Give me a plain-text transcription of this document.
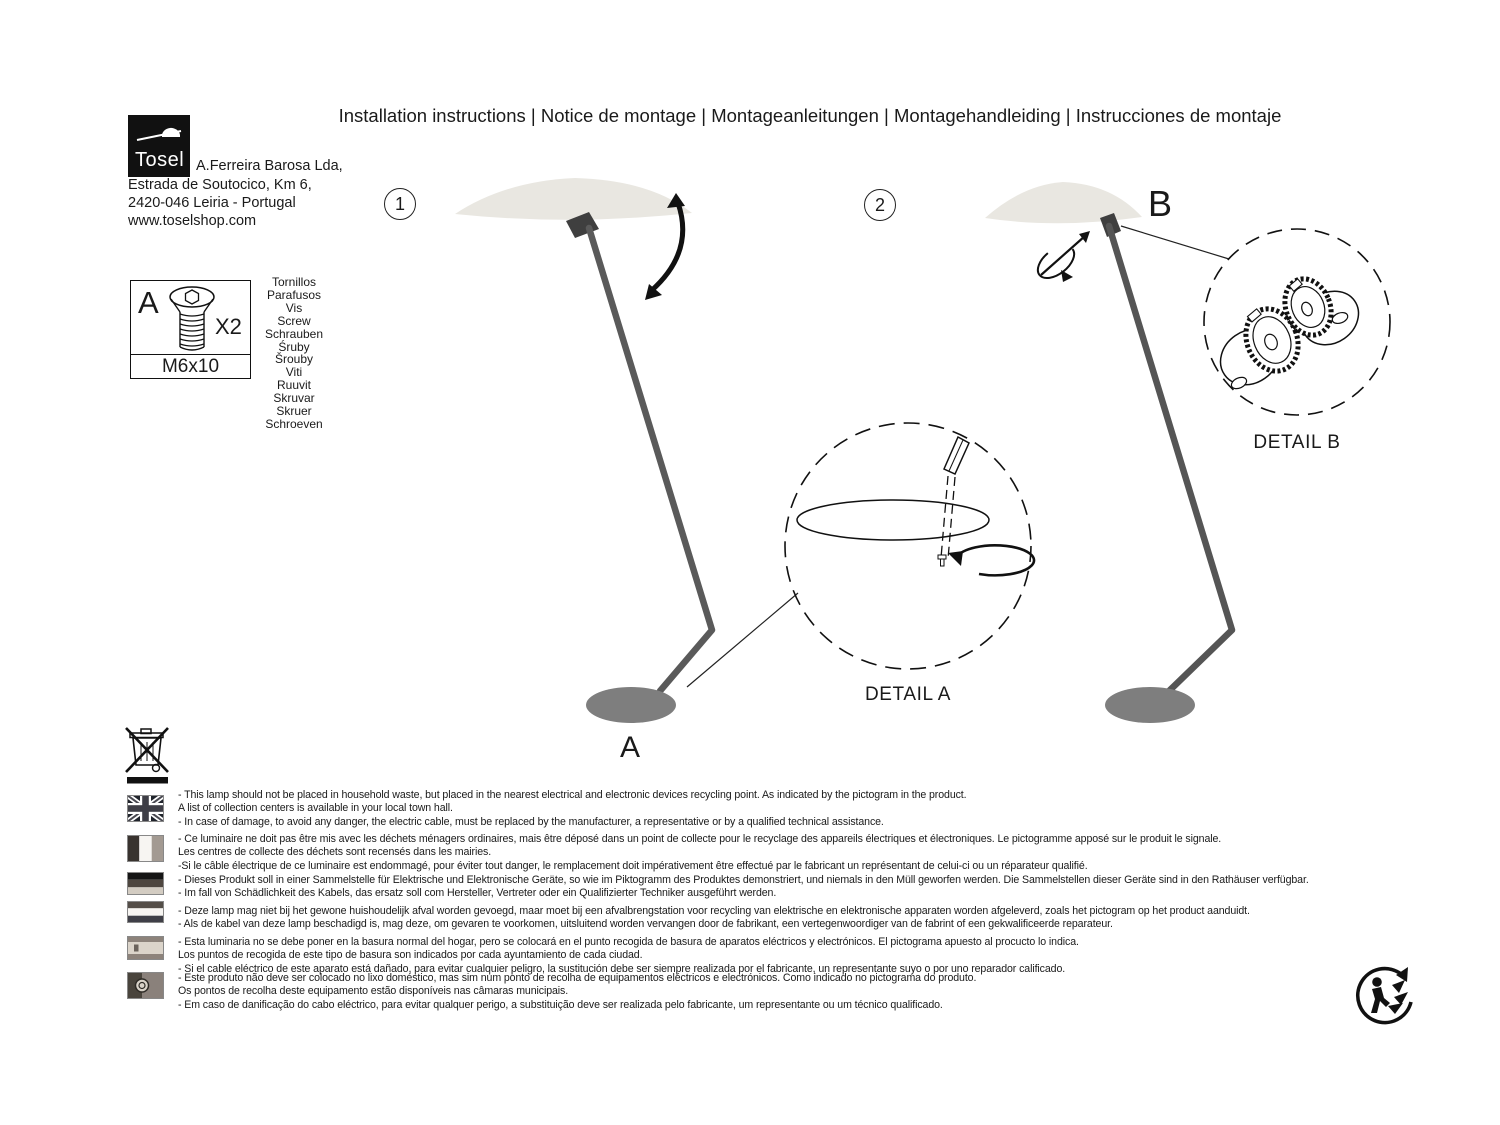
Installation instructions | Notice de montage | Montageanleitungen | Montagehandleiding | Instrucciones de montaje
Tosel A.Ferreira Barosa Lda,
Estrada de Soutocico, Km 6,
2420-046 Leiria - Portugal
www.toselshop.com
A
X2
M6x10
Tornillos
Parafusos
Vis
Screw
Schrauben
Śruby
Šrouby
Viti
Ruuvit
Skruvar
Skruer
Schroeven
1	2
A
B
DETAIL A
DETAIL B
- This lamp should not be placed in household waste, but placed in the nearest electrical and electronic devices recycling point. As indicated by the pictogram in the product.
A list of collection centers is available in your local town hall.
- In case of damage, to avoid any danger, the electric cable, must be replaced by the manufacturer, a representative or by a qualified technical assistance.
- Ce luminaire ne doit pas être mis avec les déchets ménagers ordinaires, mais être déposé dans un point de collecte pour le recyclage des appareils électriques et électroniques. Le pictogramme apposé sur le produit le signale.
Les centres de collecte des déchets sont recensés dans les mairies.
-Si le câble électrique de ce luminaire est endommagé, pour éviter tout danger, le remplacement doit impérativement être effectué par le fabricant un représentant de celui-ci ou un réparateur qualifié.
- Dieses Produkt soll in einer Sammelstelle für Elektrische und Elektronische Geräte, so wie im Piktogramm des Produktes demonstriert, und niemals in den Müll geworfen werden. Die Sammelstellen dieser Geräte sind in den Rathäuser verfügbar.
- Im fall von Schädlichkeit des Kabels, das ersatz soll com Hersteller, Vertreter oder ein Qualifizierter Techniker ausgeführt werden.
- Deze lamp mag niet bij het gewone huishoudelijk afval worden gevoegd, maar moet bij een afvalbrengstation voor recycling van elektrische en elektronische apparaten worden afgeleverd, zoals het pictogram op het product aanduidt.
- Als de kabel van deze lamp beschadigd is, mag deze, om gevaren te voorkomen, uitsluitend worden vervangen door de fabrikant, een vertegenwoordiger van de fabrint of een gekwalificeerde reparateur.
- Esta luminaria no se debe poner en la basura normal del hogar, pero se colocará en el punto recogida de basura de aparatos eléctricos y electrónicos. El pictograma apuesto al procucto lo indica.
Los puntos de recogida de este tipo de basura son indicados por cada ayuntamiento de cada ciudad.
- Si el cable eléctrico de este aparato está dañado, para evitar cualquier peligro, la sustitución debe ser siempre realizada por el fabricante, un representante suyo o por uno reparador calificado.
- Este produto não deve ser colocado no lixo doméstico, mas sim num ponto de recolha de equipamentos eléctricos e electrónicos. Como indicado no pictograma do produto.
Os pontos de recolha deste equipamento estão disponíveis nas câmaras municipais.
- Em caso de danificação do cabo eléctrico, para evitar qualquer perigo, a substituição deve ser realizada pelo fabricante, um representante ou um técnico qualificado.
